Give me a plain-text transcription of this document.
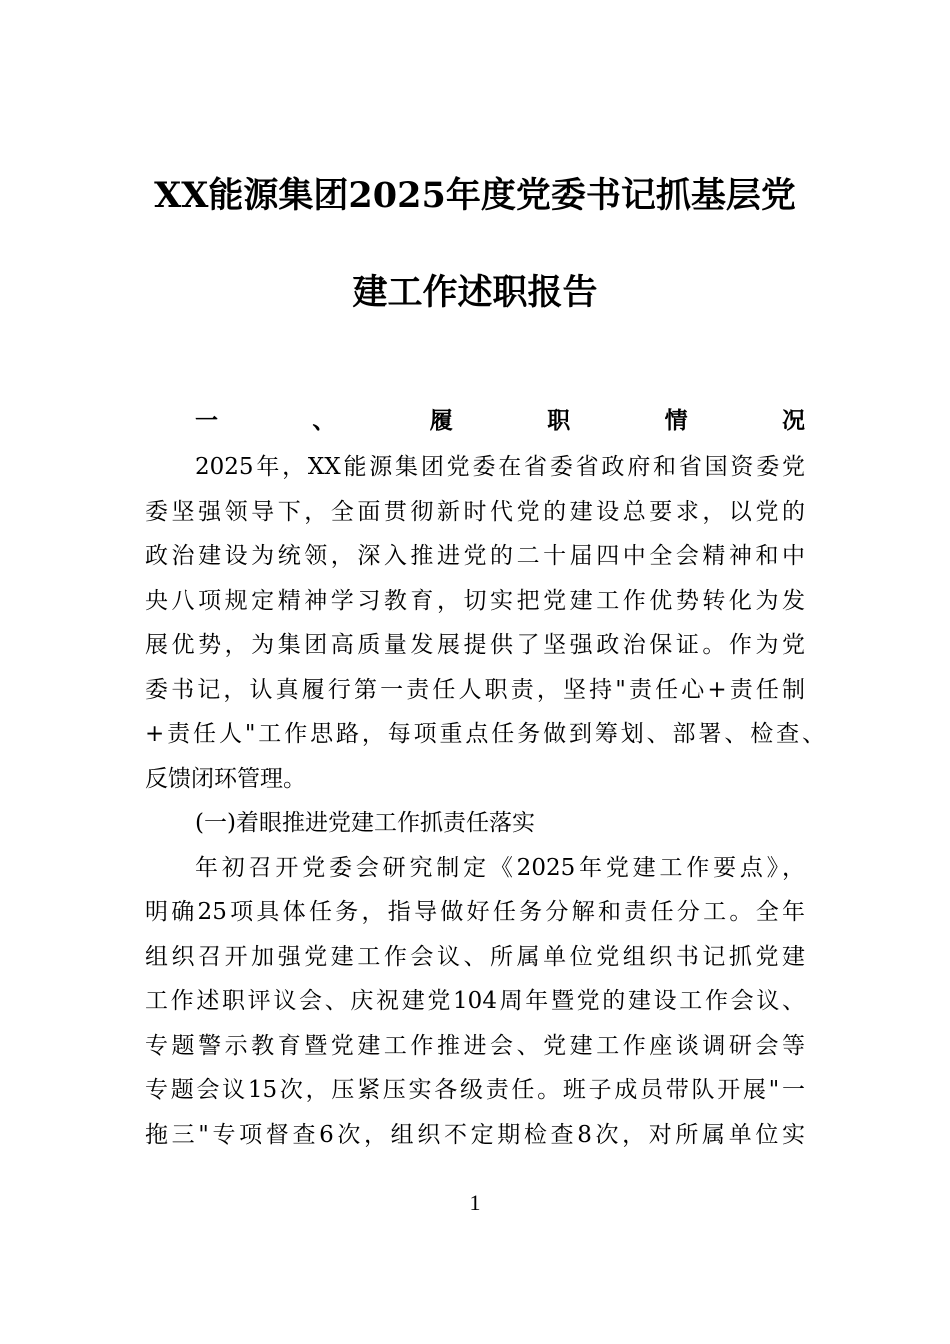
XX能源集团2025年度党委书记抓基层党
建工作述职报告
一、履职情况
2025年，XX能源集团党委在省委省政府和省国资委党
委坚强领导下，全面贯彻新时代党的建设总要求，以党的
政治建设为统领，深入推进党的二十届四中全会精神和中
央八项规定精神学习教育，切实把党建工作优势转化为发
展优势，为集团高质量发展提供了坚强政治保证。作为党
委书记，认真履行第一责任人职责，坚持"责任心+责任制
+责任人"工作思路，每项重点任务做到筹划、部署、检查、
反馈闭环管理。
(一)着眼推进党建工作抓责任落实
年初召开党委会研究制定《2025年党建工作要点》，
明确25项具体任务，指导做好任务分解和责任分工。全年
组织召开加强党建工作会议、所属单位党组织书记抓党建
工作述职评议会、庆祝建党104周年暨党的建设工作会议、
专题警示教育暨党建工作推进会、党建工作座谈调研会等
专题会议15次，压紧压实各级责任。班子成员带队开展"一
拖三"专项督查6次，组织不定期检查8次，对所属单位实
1
